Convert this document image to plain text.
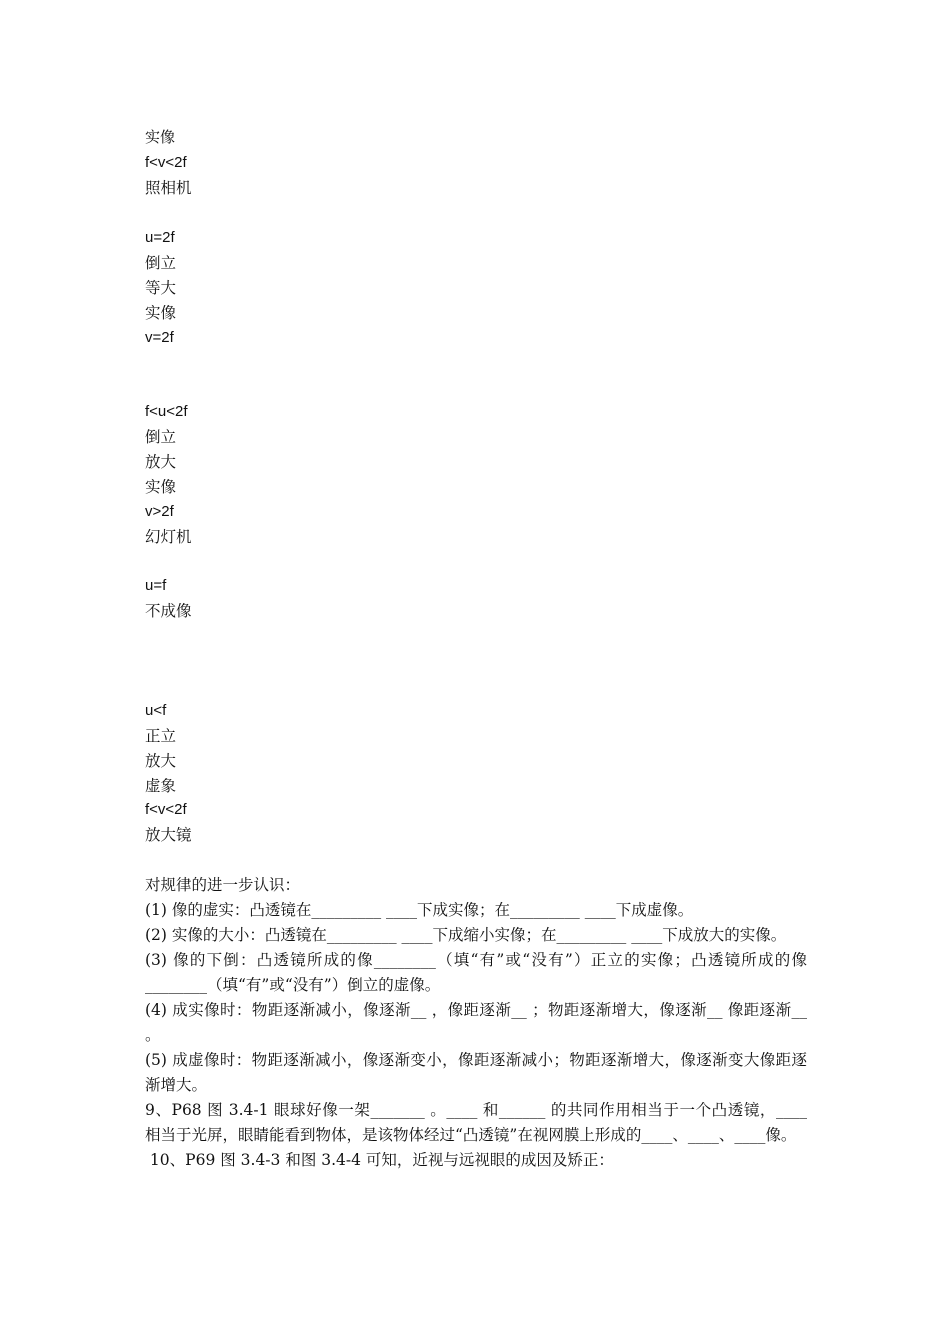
实像
f<v<2f
照相机
u=2f
倒立
等大
实像
v=2f
f<u<2f
倒立
放大
实像
v>2f
幻灯机
u=f
不成像
u<f
正立
放大
虚象
f<v<2f
放大镜

对规律的进一步认识：

(1) 像的虚实：凸透镜在_________ ____下成实像；在_________ ____下成虚像。

(2) 实像的大小：凸透镜在_________ ____下成缩小实像；在_________ ____下成放大的实像。

(3) 像的下倒：凸透镜所成的像________（填“有”或“没有”）正立的实像；凸透镜所成的像________（填“有”或“没有”）倒立的虚像。

(4) 成实像时：物距逐渐减小，像逐渐__ ，像距逐渐__ ；物距逐渐增大，像逐渐__ 像距逐渐__ 。

(5) 成虚像时：物距逐渐减小，像逐渐变小，像距逐渐减小；物距逐渐增大，像逐渐变大像距逐渐增大。

9、P68 图 3.4-1 眼球好像一架_______ 。____ 和______ 的共同作用相当于一个凸透镜，____ 相当于光屏，眼睛能看到物体，是该物体经过“凸透镜”在视网膜上形成的____、____、____像。

10、P69 图 3.4-3 和图 3.4-4 可知，近视与远视眼的成因及矫正：
